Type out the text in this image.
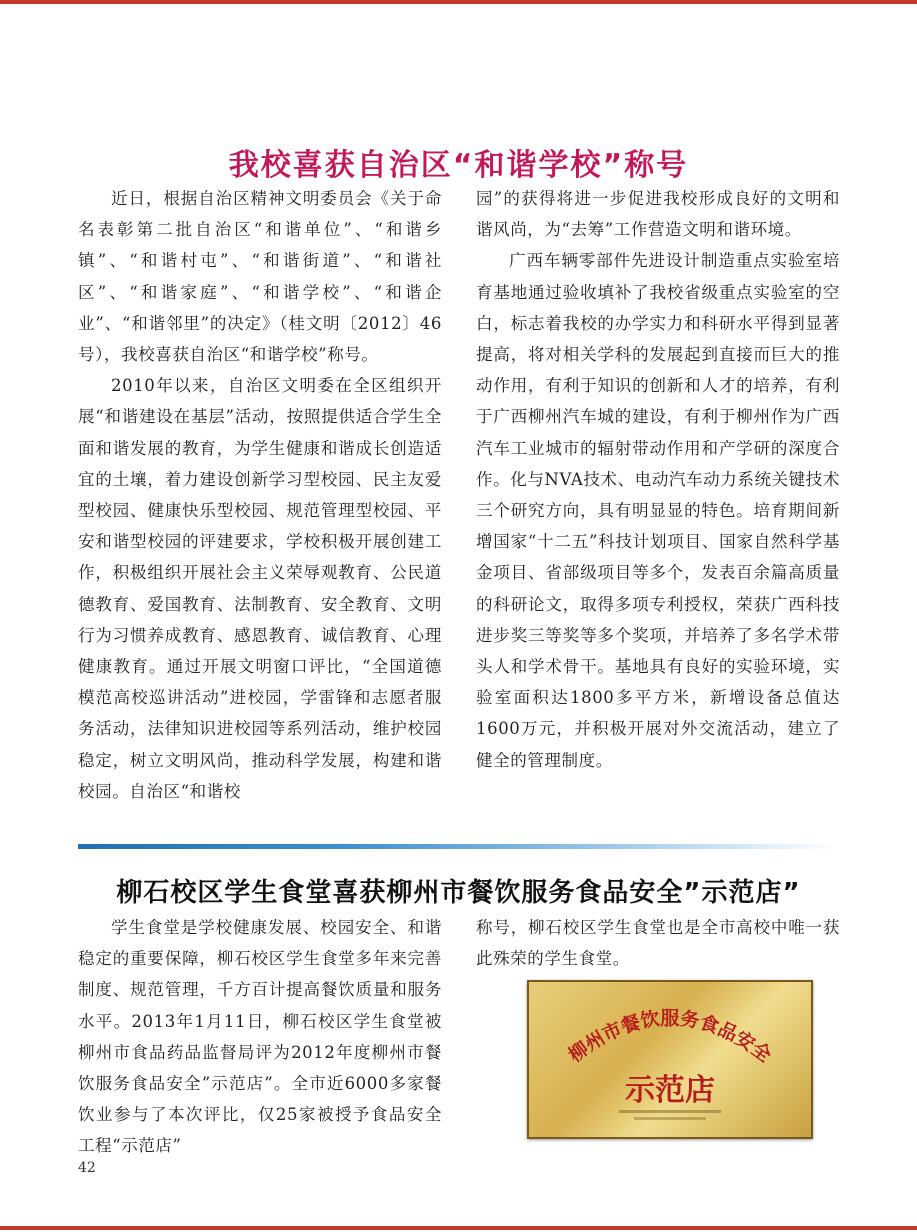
我校喜获自治区“和谐学校”称号

近日，根据自治区精神文明委员会《关于命名表彰第二批自治区“和谐单位”、“和谐乡镇”、“和谐村屯”、“和谐街道”、“和谐社区”、“和谐家庭”、“和谐学校”、“和谐企业”、“和谐邻里”的决定》（桂文明〔2012〕46号），我校喜获自治区“和谐学校”称号。

2010年以来，自治区文明委在全区组织开展“和谐建设在基层”活动，按照提供适合学生全面和谐发展的教育，为学生健康和谐成长创造适宜的土壤，着力建设创新学习型校园、民主友爱型校园、健康快乐型校园、规范管理型校园、平安和谐型校园的评建要求，学校积极开展创建工作，积极组织开展社会主义荣辱观教育、公民道德教育、爱国教育、法制教育、安全教育、文明行为习惯养成教育、感恩教育、诚信教育、心理健康教育。通过开展文明窗口评比，“全国道德模范高校巡讲活动”进校园，学雷锋和志愿者服务活动，法律知识进校园等系列活动，维护校园稳定，树立文明风尚，推动科学发展，构建和谐校园。自治区“和谐校

园”的获得将进一步促进我校形成良好的文明和谐风尚，为“去筹”工作营造文明和谐环境。

广西车辆零部件先进设计制造重点实验室培育基地通过验收填补了我校省级重点实验室的空白，标志着我校的办学实力和科研水平得到显著提高，将对相关学科的发展起到直接而巨大的推动作用，有利于知识的创新和人才的培养，有利于广西柳州汽车城的建设，有利于柳州作为广西汽车工业城市的辐射带动作用和产学研的深度合作。化与NVA技术、电动汽车动力系统关键技术三个研究方向，具有明显显的特色。培育期间新增国家“十二五”科技计划项目、国家自然科学基金项目、省部级项目等多个，发表百余篇高质量的科研论文，取得多项专利授权，荣获广西科技进步奖三等奖等多个奖项，并培养了多名学术带头人和学术骨干。基地具有良好的实验环境，实验室面积达1800多平方米，新增设备总值达1600万元，并积极开展对外交流活动，建立了健全的管理制度。

柳石校区学生食堂喜获柳州市餐饮服务食品安全”示范店”

学生食堂是学校健康发展、校园安全、和谐稳定的重要保障，柳石校区学生食堂多年来完善制度、规范管理，千方百计提高餐饮质量和服务水平。2013年1月11日，柳石校区学生食堂被柳州市食品药品监督局评为2012年度柳州市餐饮服务食品安全”示范店”。全市近6000多家餐饮业参与了本次评比，仅25家被授予食品安全工程“示范店”

称号，柳石校区学生食堂也是全市高校中唯一获此殊荣的学生食堂。

柳州市餐饮服务食品安全
示范店
42
